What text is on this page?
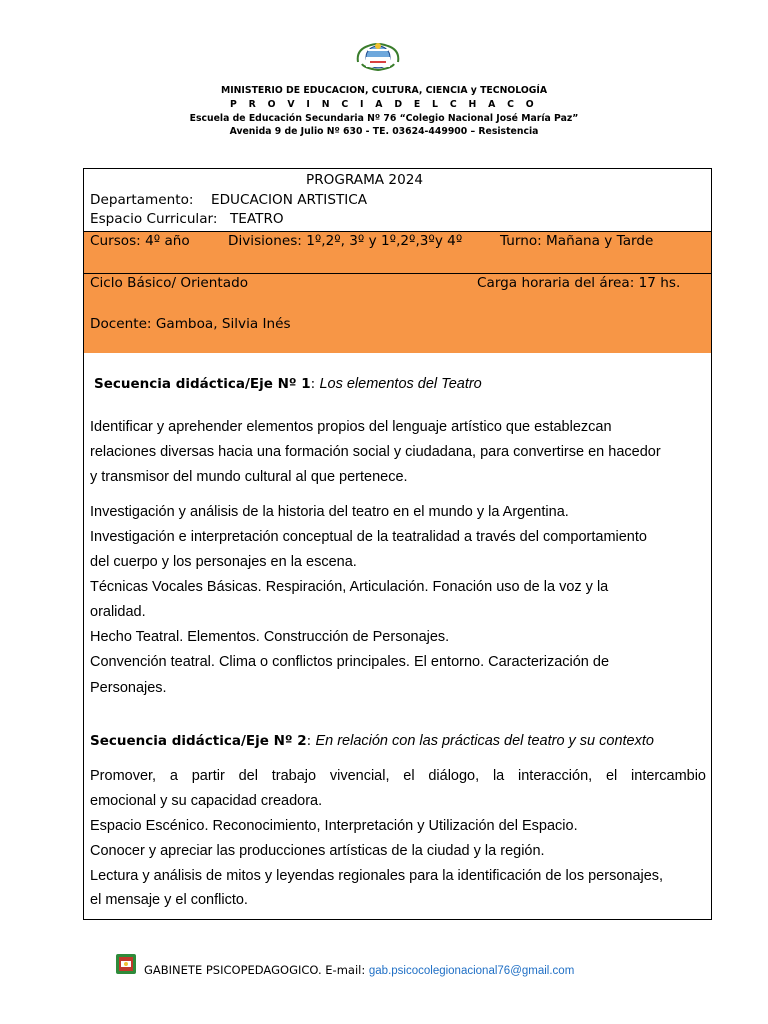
MINISTERIO DE EDUCACION, CULTURA, CIENCIA y TECNOLOGÍA
P R O V I N C I A D E L C H A C O
Escuela de Educación Secundaria Nº 76 “Colegio Nacional José María Paz”
Avenida 9 de Julio Nº 630 - TE. 03624-449900 – Resistencia
PROGRAMA 2024
Departamento: EDUCACION ARTISTICA
Espacio Curricular: TEATRO
Cursos: 4º año	Divisiones: 1º,2º, 3º y 1º,2º,3ºy 4º	Turno: Mañana y Tarde
Ciclo Básico/ Orientado	Carga horaria del área: 17 hs.
Docente: Gamboa, Silvia Inés
Secuencia didáctica/Eje Nº 1: Los elementos del Teatro
Identificar y aprehender elementos propios del lenguaje artístico que establezcan
relaciones diversas hacia una formación social y ciudadana, para convertirse en hacedor
y transmisor del mundo cultural al que pertenece.
Investigación y análisis de la historia del teatro en el mundo y la Argentina.
Investigación e interpretación conceptual de la teatralidad a través del comportamiento
del cuerpo y los personajes en la escena.
Técnicas Vocales Básicas. Respiración, Articulación. Fonación uso de la voz y la
oralidad.
Hecho Teatral. Elementos. Construcción de Personajes.
Convención teatral. Clima o conflictos principales. El entorno. Caracterización de
Personajes.
Secuencia didáctica/Eje Nº 2: En relación con las prácticas del teatro y su contexto
Promover, a partir del trabajo vivencial, el diálogo, la interacción, el intercambio
emocional y su capacidad creadora.
Espacio Escénico. Reconocimiento, Interpretación y Utilización del Espacio.
Conocer y apreciar las producciones artísticas de la ciudad y la región.
Lectura y análisis de mitos y leyendas regionales para la identificación de los personajes,
el mensaje y el conflicto.
GABINETE PSICOPEDAGOGICO. E-mail: gab.psicocolegionacional76@gmail.com
